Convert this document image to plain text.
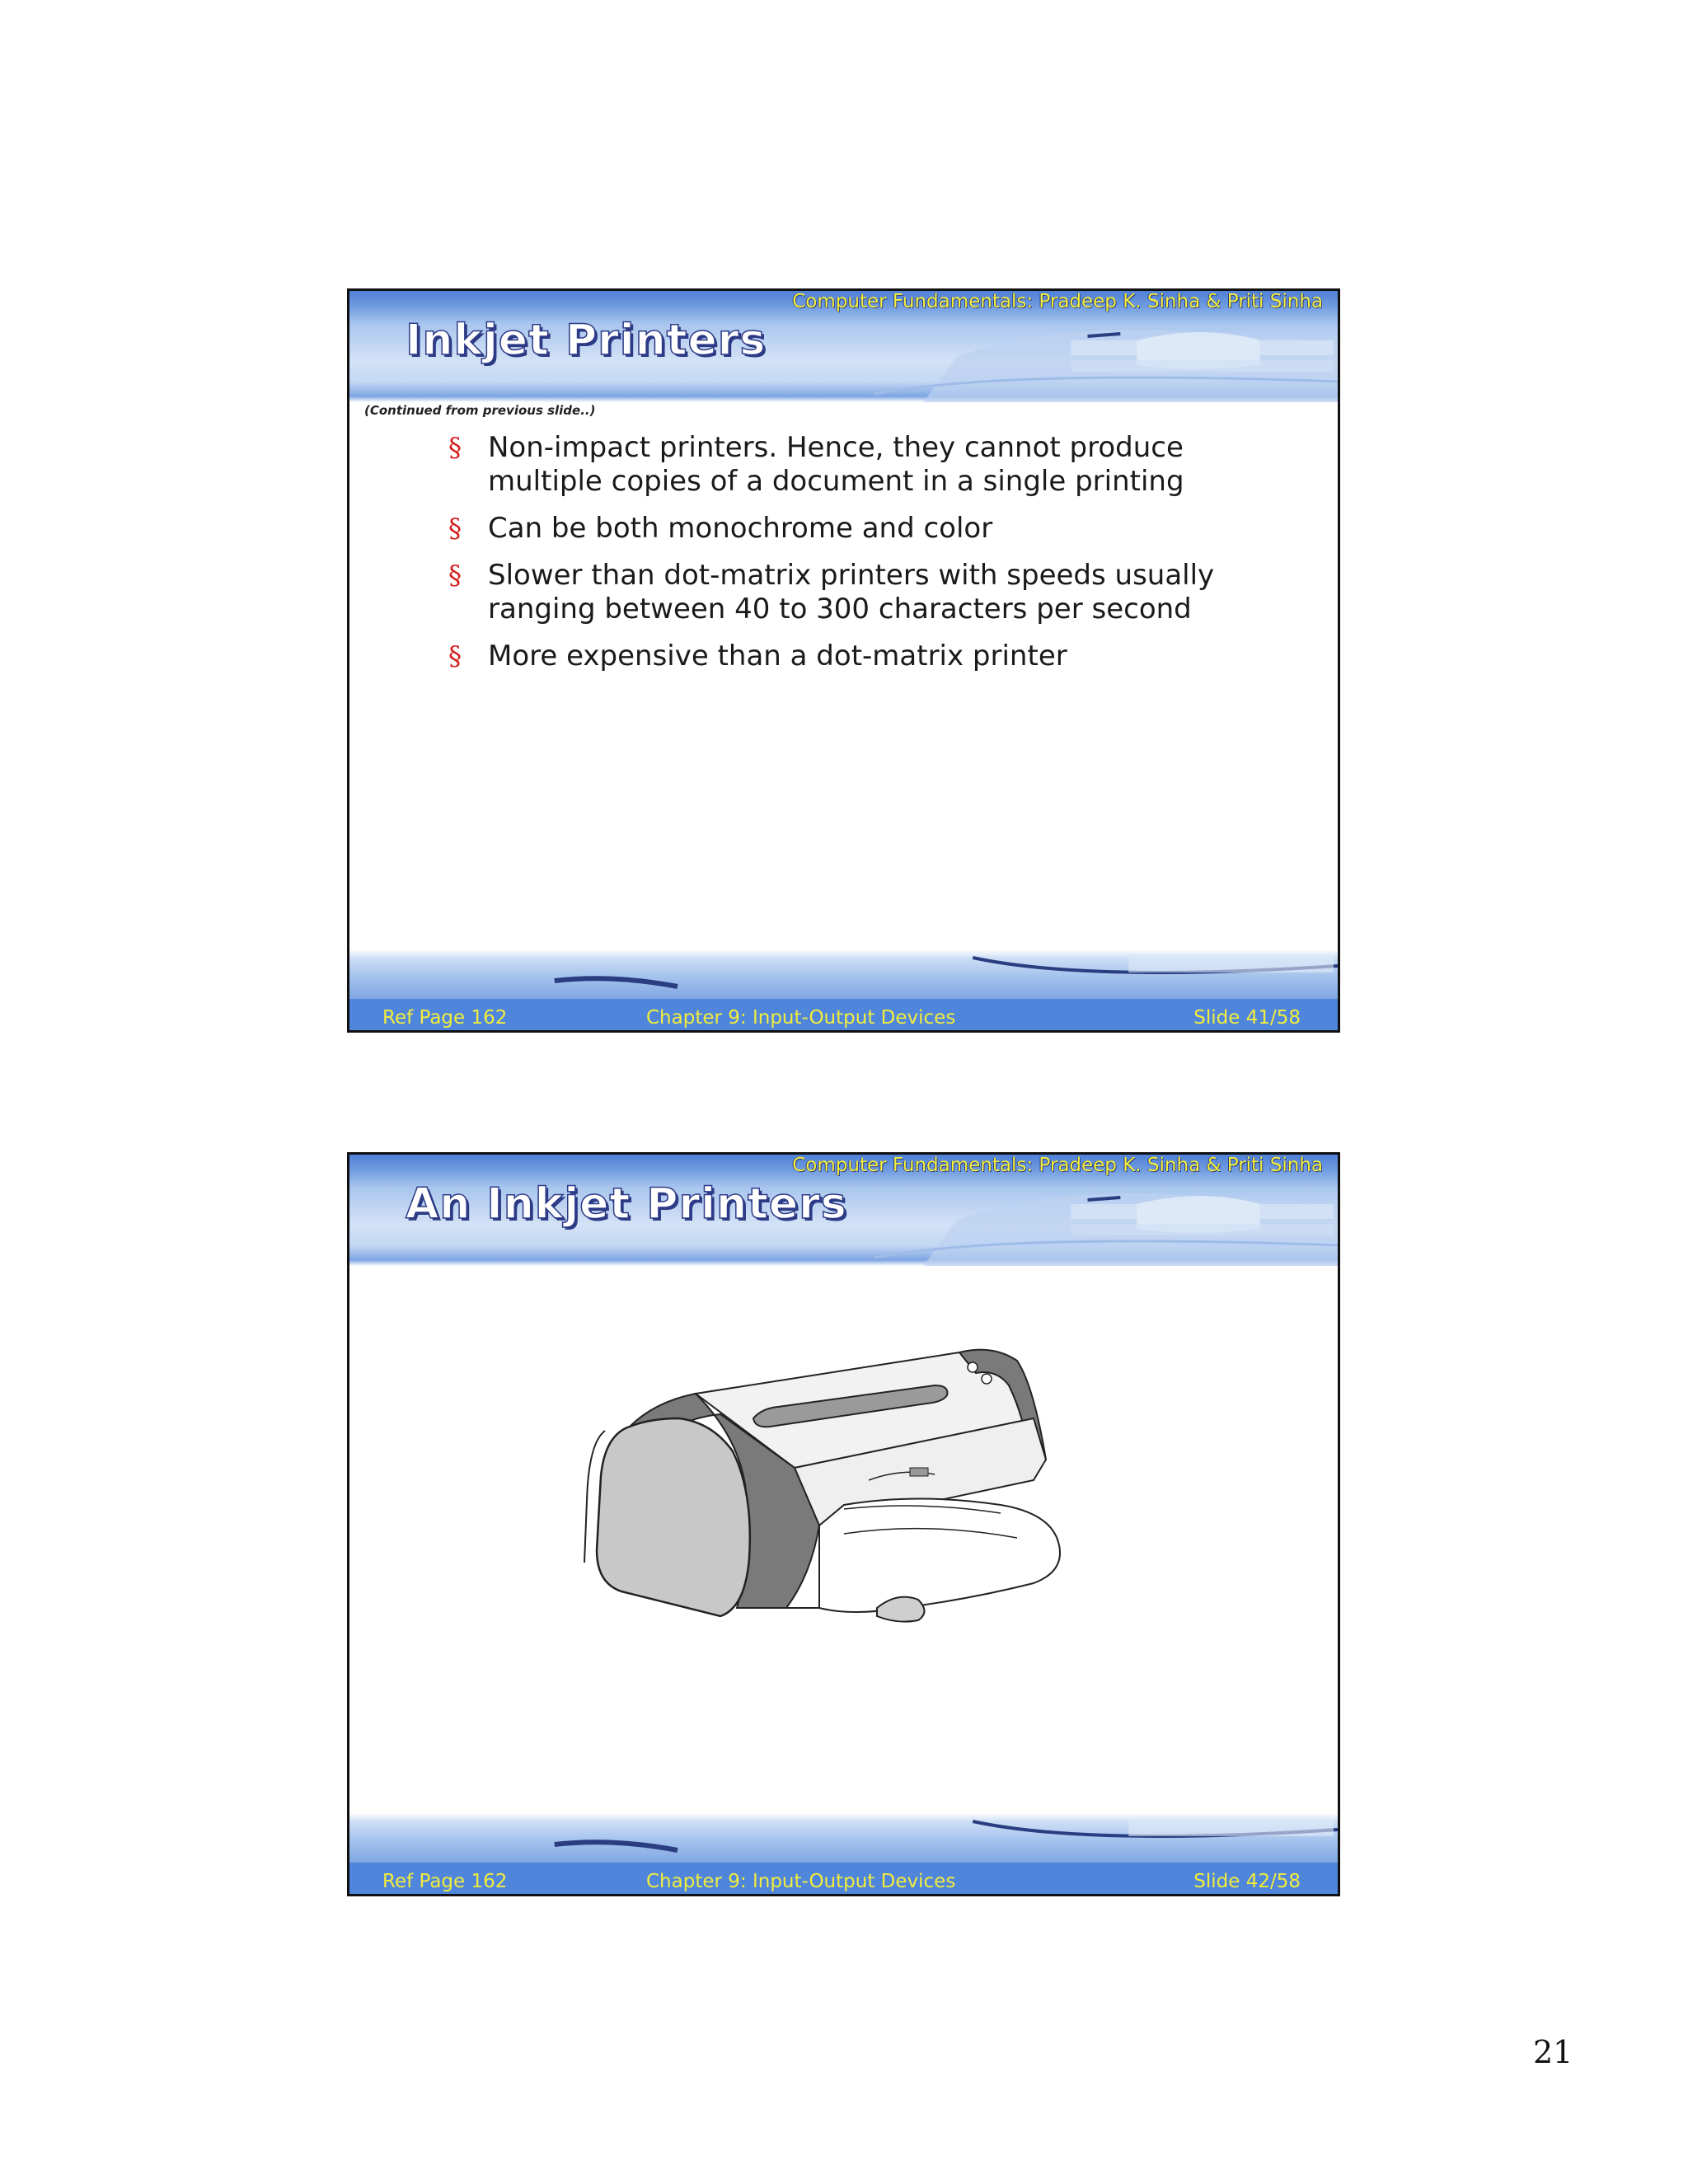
Computer Fundamentals: Pradeep K. Sinha & Priti Sinha
Inkjet Printers
(Continued from previous slide..)
§ Non-impact printers. Hence, they cannot produce multiple copies of a document in a single printing
§ Can be both monochrome and color
§ Slower than dot-matrix printers with speeds usually ranging between 40 to 300 characters per second
§ More expensive than a dot-matrix printer
Ref Page 162	Chapter 9: Input-Output Devices	Slide 41/58
Computer Fundamentals: Pradeep K. Sinha & Priti Sinha
An Inkjet Printers
Ref Page 162	Chapter 9: Input-Output Devices	Slide 42/58
21
